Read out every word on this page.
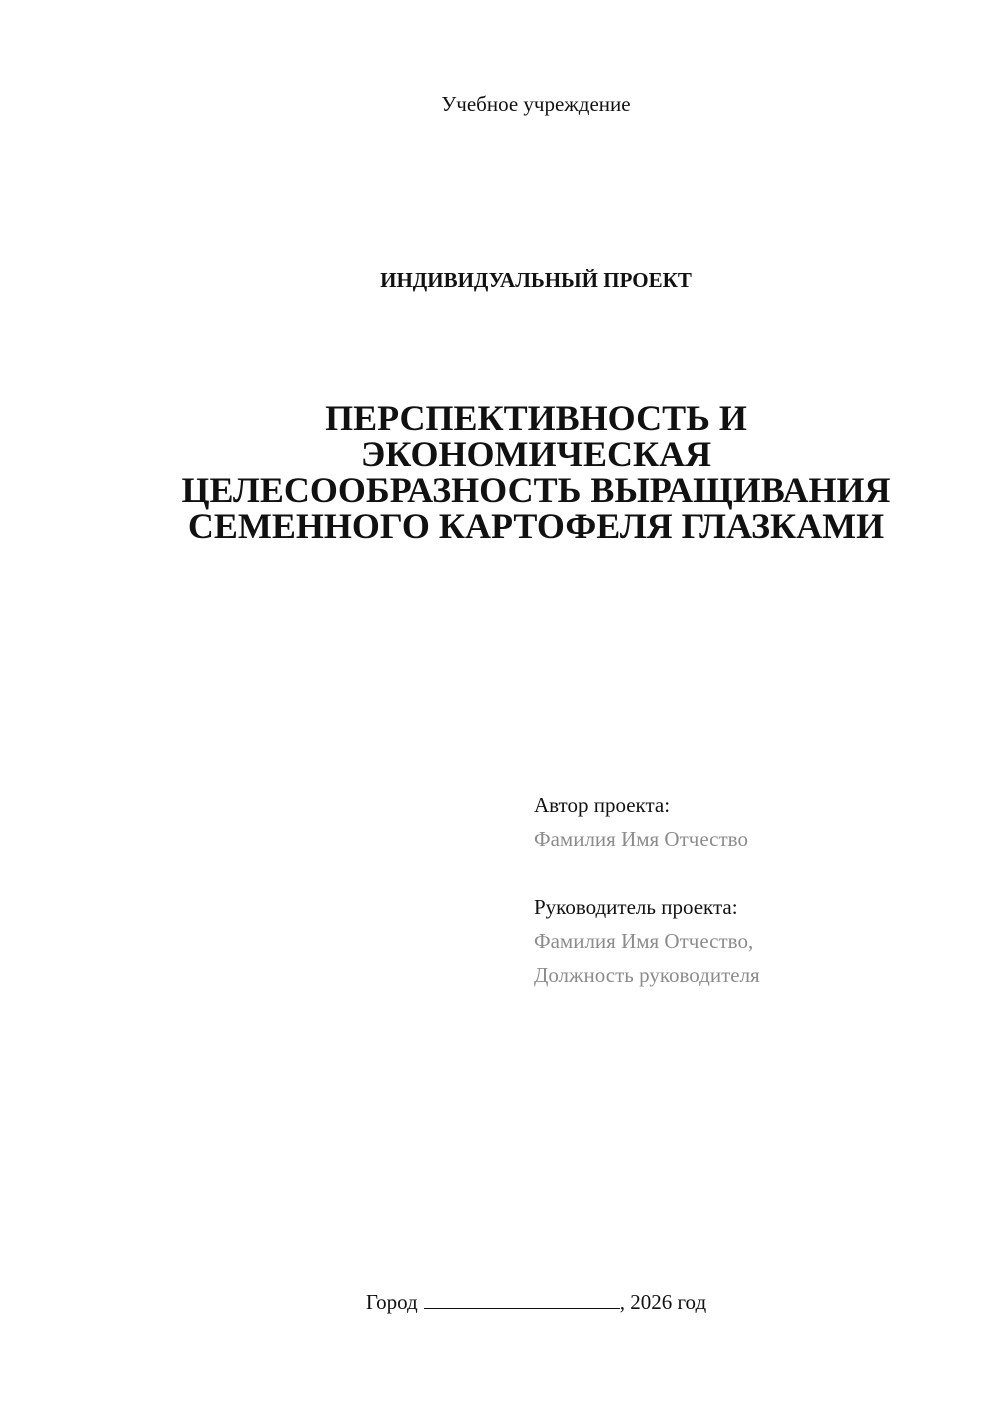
Учебное учреждение
ИНДИВИДУАЛЬНЫЙ ПРОЕКТ
ПЕРСПЕКТИВНОСТЬ И
ЭКОНОМИЧЕСКАЯ
ЦЕЛЕСООБРАЗНОСТЬ ВЫРАЩИВАНИЯ
СЕМЕННОГО КАРТОФЕЛЯ ГЛАЗКАМИ
Автор проекта:
Фамилия Имя Отчество
Руководитель проекта:
Фамилия Имя Отчество,
Должность руководителя
Город	, 2026 год
